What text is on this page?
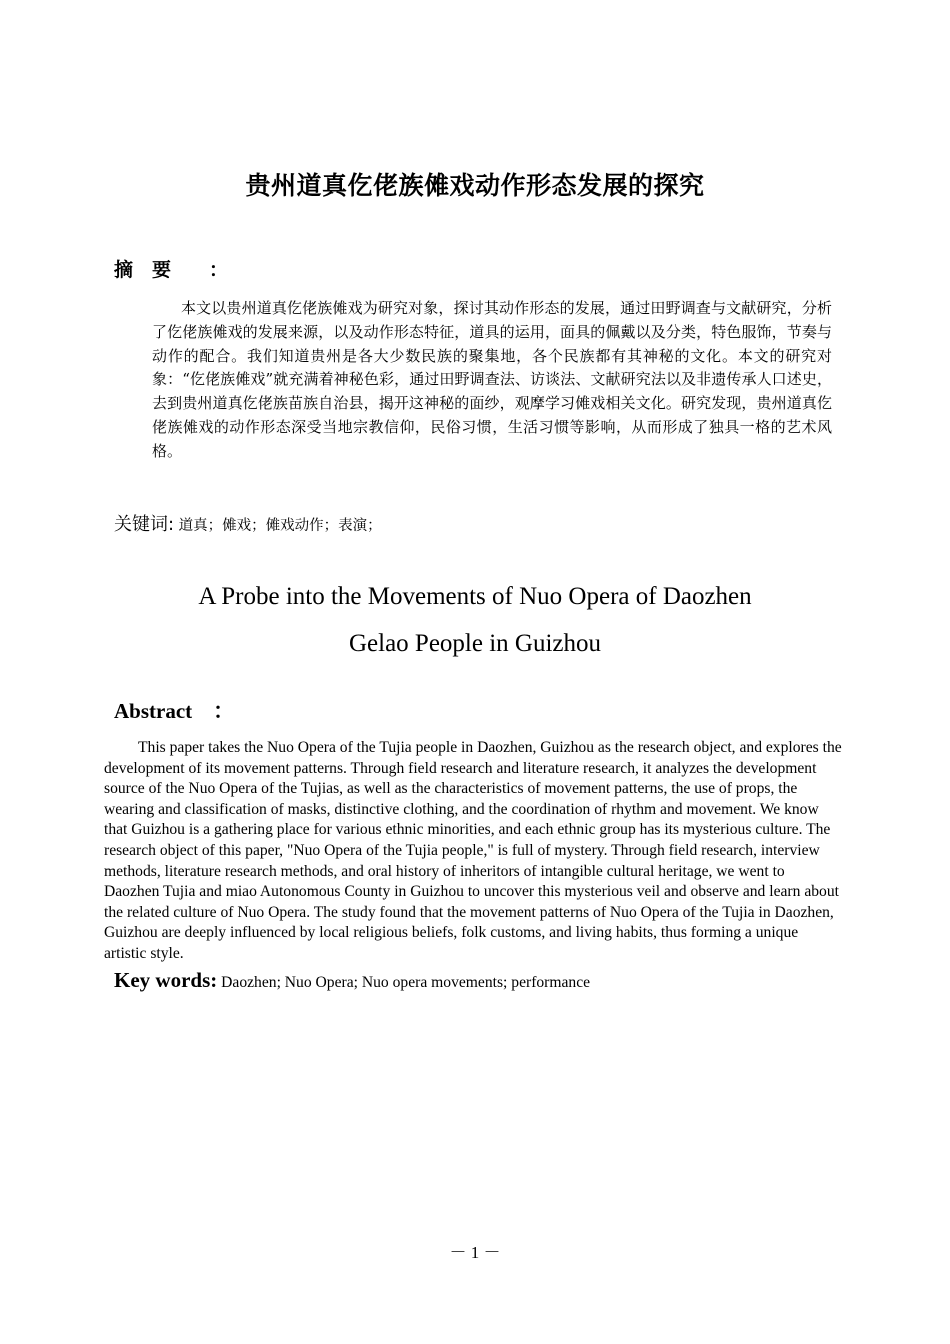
贵州道真仡佬族傩戏动作形态发展的探究
摘　要　　：
本文以贵州道真仡佬族傩戏为研究对象，探讨其动作形态的发展，通过田野调查与文献研究，分析了仡佬族傩戏的发展来源，以及动作形态特征，道具的运用，面具的佩戴以及分类，特色服饰，节奏与动作的配合。我们知道贵州是各大少数民族的聚集地，各个民族都有其神秘的文化。本文的研究对象：“仡佬族傩戏”就充满着神秘色彩，通过田野调查法、访谈法、文献研究法以及非遗传承人口述史，去到贵州道真仡佬族苗族自治县，揭开这神秘的面纱，观摩学习傩戏相关文化。研究发现，贵州道真仡佬族傩戏的动作形态深受当地宗教信仰，民俗习惯，生活习惯等影响，从而形成了独具一格的艺术风格。
关键词: 道真；傩戏；傩戏动作；表演；
A Probe into the Movements of Nuo Opera of Daozhen
Gelao People in Guizhou
Abstract　：
This paper takes the Nuo Opera of the Tujia people in Daozhen, Guizhou as the research object, and explores the development of its movement patterns. Through field research and literature research, it analyzes the development source of the Nuo Opera of the Tujias, as well as the characteristics of movement patterns, the use of props, the wearing and classification of masks, distinctive clothing, and the coordination of rhythm and movement. We know that Guizhou is a gathering place for various ethnic minorities, and each ethnic group has its mysterious culture. The research object of this paper, "Nuo Opera of the Tujia people," is full of mystery. Through field research, interview methods, literature research methods, and oral history of inheritors of intangible cultural heritage, we went to Daozhen Tujia and miao Autonomous County in Guizhou to uncover this mysterious veil and observe and learn about the related culture of Nuo Opera. The study found that the movement patterns of Nuo Opera of the Tujia in Daozhen, Guizhou are deeply influenced by local religious beliefs, folk customs, and living habits, thus forming a unique artistic style.
Key words: Daozhen; Nuo Opera; Nuo opera movements; performance
－ 1 －
